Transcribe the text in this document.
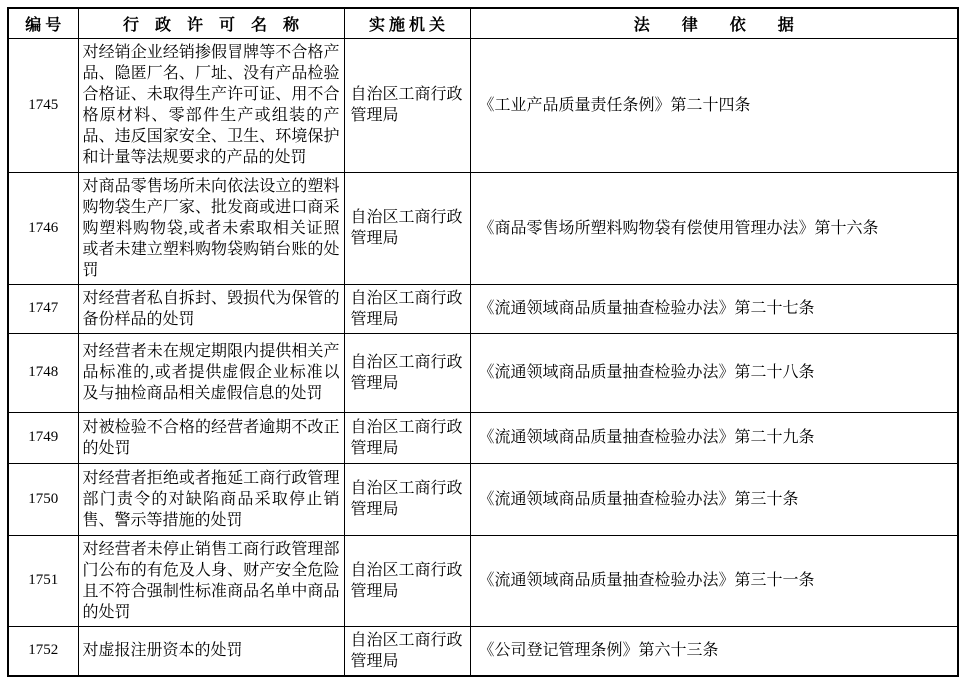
编 号	行　政　许　可　名　称	实 施 机 关	法　　律　　依　　据
1745	对经销企业经销掺假冒牌等不合格产品、隐匿厂名、厂址、没有产品检验合格证、未取得生产许可证、用不合格原材料、零部件生产或组装的产品、违反国家安全、卫生、环境保护和计量等法规要求的产品的处罚	自治区工商行政管理局	《工业产品质量责任条例》第二十四条
1746	对商品零售场所未向依法设立的塑料购物袋生产厂家、批发商或进口商采购塑料购物袋,或者未索取相关证照或者未建立塑料购物袋购销台账的处罚	自治区工商行政管理局	《商品零售场所塑料购物袋有偿使用管理办法》第十六条
1747	对经营者私自拆封、毁损代为保管的备份样品的处罚	自治区工商行政管理局	《流通领域商品质量抽查检验办法》第二十七条
1748	对经营者未在规定期限内提供相关产品标准的,或者提供虚假企业标准以及与抽检商品相关虚假信息的处罚	自治区工商行政管理局	《流通领域商品质量抽查检验办法》第二十八条
1749	对被检验不合格的经营者逾期不改正的处罚	自治区工商行政管理局	《流通领域商品质量抽查检验办法》第二十九条
1750	对经营者拒绝或者拖延工商行政管理部门责令的对缺陷商品采取停止销售、警示等措施的处罚	自治区工商行政管理局	《流通领域商品质量抽查检验办法》第三十条
1751	对经营者未停止销售工商行政管理部门公布的有危及人身、财产安全危险且不符合强制性标准商品名单中商品的处罚	自治区工商行政管理局	《流通领域商品质量抽查检验办法》第三十一条
1752	对虚报注册资本的处罚	自治区工商行政管理局	《公司登记管理条例》第六十三条
